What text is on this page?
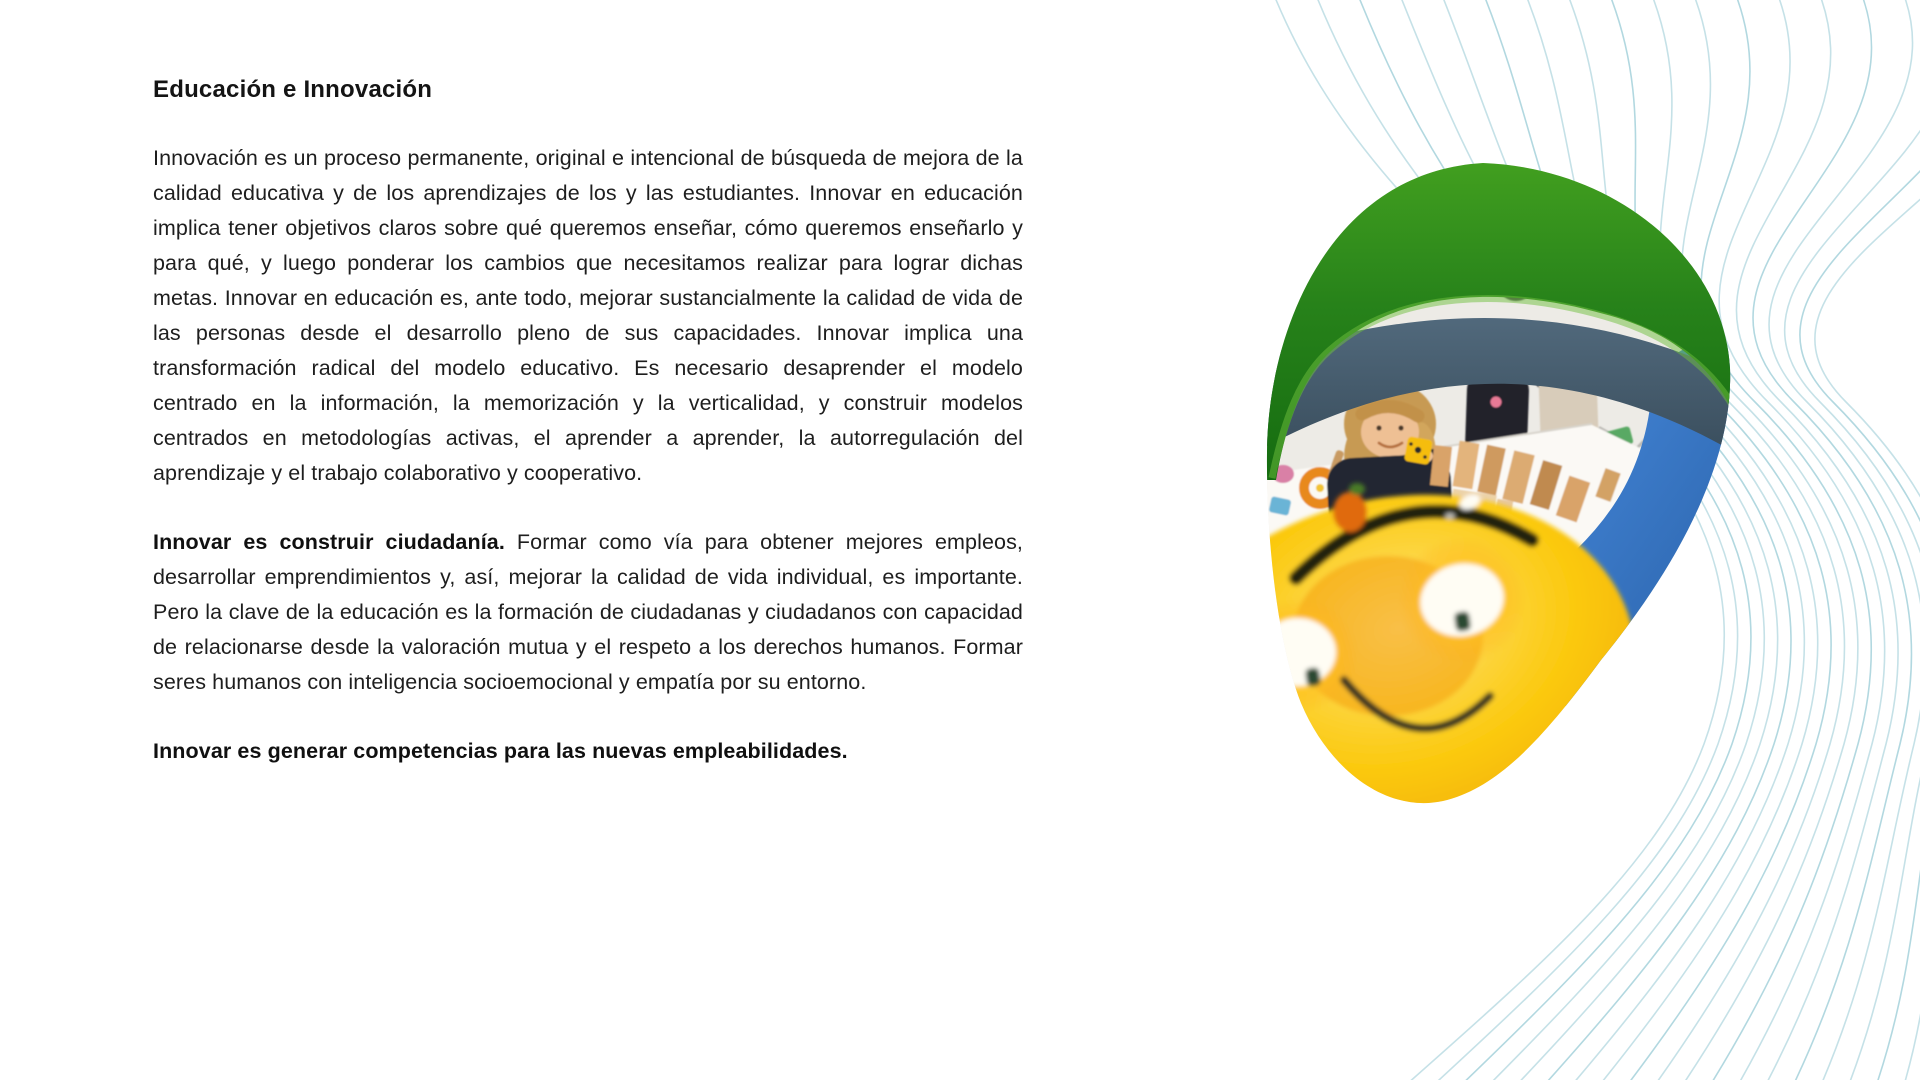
Educación e Innovación

Innovación es un proceso permanente, original e intencional de búsqueda de mejora de la calidad educativa y de los aprendizajes de los y las estudiantes. Innovar en educación implica tener objetivos claros sobre qué queremos enseñar, cómo queremos enseñarlo y para qué, y luego ponderar los cambios que necesitamos realizar para lograr dichas metas. Innovar en educación es, ante todo, mejorar sustancialmente la calidad de vida de las personas desde el desarrollo pleno de sus capacidades. Innovar implica una transformación radical del modelo educativo. Es necesario desaprender el modelo centrado en la información, la memorización y la verticalidad, y construir modelos centrados en metodologías activas, el aprender a aprender, la autorregulación del aprendizaje y el trabajo colaborativo y cooperativo.

Innovar es construir ciudadanía. Formar como vía para obtener mejores empleos, desarrollar emprendimientos y, así, mejorar la calidad de vida individual, es importante. Pero la clave de la educación es la formación de ciudadanas y ciudadanos con capacidad de relacionarse desde la valoración mutua y el respeto a los derechos humanos. Formar seres humanos con inteligencia socioemocional y empatía por su entorno.

Innovar es generar competencias para las nuevas empleabilidades.
